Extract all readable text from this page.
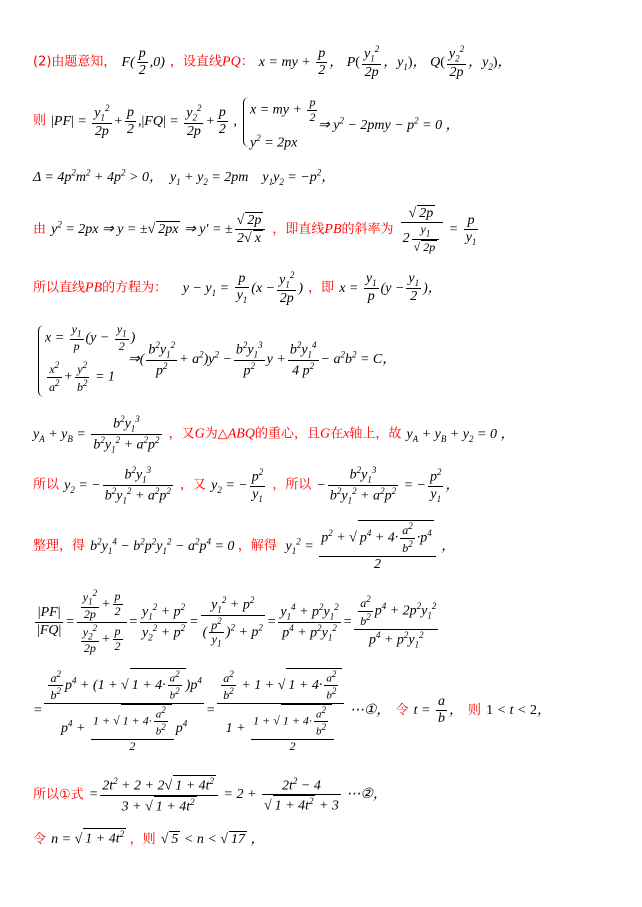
(2)由题意知， $F( \frac{p}{2} ,0)$ ，设直线PQ： x = my + $\frac{p}{2}$ ， $P( \frac{y_1^2}{2p}$ ，$y_1$)， $Q( \frac{y_2^2}{2p}$ ，$y_2$)，
则 $|PF| = \frac{y_1^2}{2p} + \frac{p}{2} ,|FQ| = \frac{y_2^2}{2p} + \frac{p}{2}$ ,
x = my + $\frac{p}{2}$
$y^2 = 2px$
⇒ $y^2 - 2pmy - p^2 = 0$ ，
$\Delta = 4p^2m^2 + 4p^2 > 0$，  $y_1 + y_2 = 2pm$    $y_1y_2 = -p^2$，
由 $y^2 = 2px$ ⇒ y = ±√ 2px ⇒ y′ = ± $\frac{√ 2p}{2√ x}$ ，即直线PB的斜率为 $\frac{√ 2p}{2 \frac{y_1}{√ 2p}} = \frac{p}{y_1}$
所以直线PB的方程为：    $y - y_1 = \frac{p}{y_1} (x - \frac{y_1^2}{2p}$ ) ，即 $x = \frac{y_1}{p} (y - \frac{y_1}{2}$ )，
$x = \frac{y_1}{p} (y - \frac{y_1}{2}$ )
$\frac{x^2}{a^2} + \frac{y^2}{b^2} = 1$
⇒( $\frac{b^2y_1^2}{p^2} + a^2)y^2 - \frac{b^2y_1^3}{p^2}$ $y + \frac{b^2y_1^4}{4 p^2} - a^2b^2 = C$，
$y_A + y_B = \frac{b^2y_1^3}{b^2y_1^2 + a^2p^2}$ ，又G为△ABQ的重心，且G在x轴上，故 $y_A + y_B + y_2 = 0$ ，
所以 $y_2$ = − $\frac{b^2y_1^3}{b^2y_1^2 + a^2p^2}$ ，又 $y_2$ = − $\frac{p^2}{y_1}$ ，所以 − $\frac{b^2y_1^3}{b^2y_1^2 + a^2p^2}$ = − $\frac{p^2}{y_1}$ ，
整理，得 $b^2y_1^4 - b^2p^2y_1^2 - a^2p^4 = 0$ ，解得  $y_1^2 = \frac{p^2 + √ p^4 + 4\cdot \frac{a^2}{b^2} \cdot p^4}{2}$ ，
$\frac{|PF|}{|FQ|} = \frac{\frac{y_1^2}{2p} + \frac{p}{2}}{\frac{y_2^2}{2p} + \frac{p}{2}} = \frac{y_1^2 + p^2}{y_2^2 + p^2} = \frac{y_1^2 + p^2}{( \frac{p^2}{y_1} )^2 + p^2} = \frac{y_1^4 + p^2y_1^2}{p^4 + p^2y_1^2} = \frac{\frac{a^2}{b^2} p^4 + 2p^2y_1^2}{p^4 + p^2y_1^2}$
= $\frac{\frac{a^2}{b^2} p^4 + (1 + √ 1 + 4\cdot \frac{a^2}{b^2} )p^4}{p^4 + \frac{1 + √ 1 + 4\cdot \frac{a^2}{b^2}}{2} p^4} = \frac{\frac{a^2}{b^2} + 1 + √ 1 + 4\cdot \frac{a^2}{b^2}}{1 + \frac{1 + √ 1 + 4\cdot \frac{a^2}{b^2}}{2}}$ ⋯①， 令 $t = \frac{a}{b}$ ， 则 1 < t < 2，
所以①式 = $\frac{2t^2 + 2 + 2√ 1 + 4t^2}{3 + √ 1 + 4t^2} = 2 + \frac{2t^2 - 4}{√ 1 + 4t^2 + 3}$ ⋯②，
令 n = √ $1 + 4t^2$ ，则 √ 5 < n < √ 17 ，
